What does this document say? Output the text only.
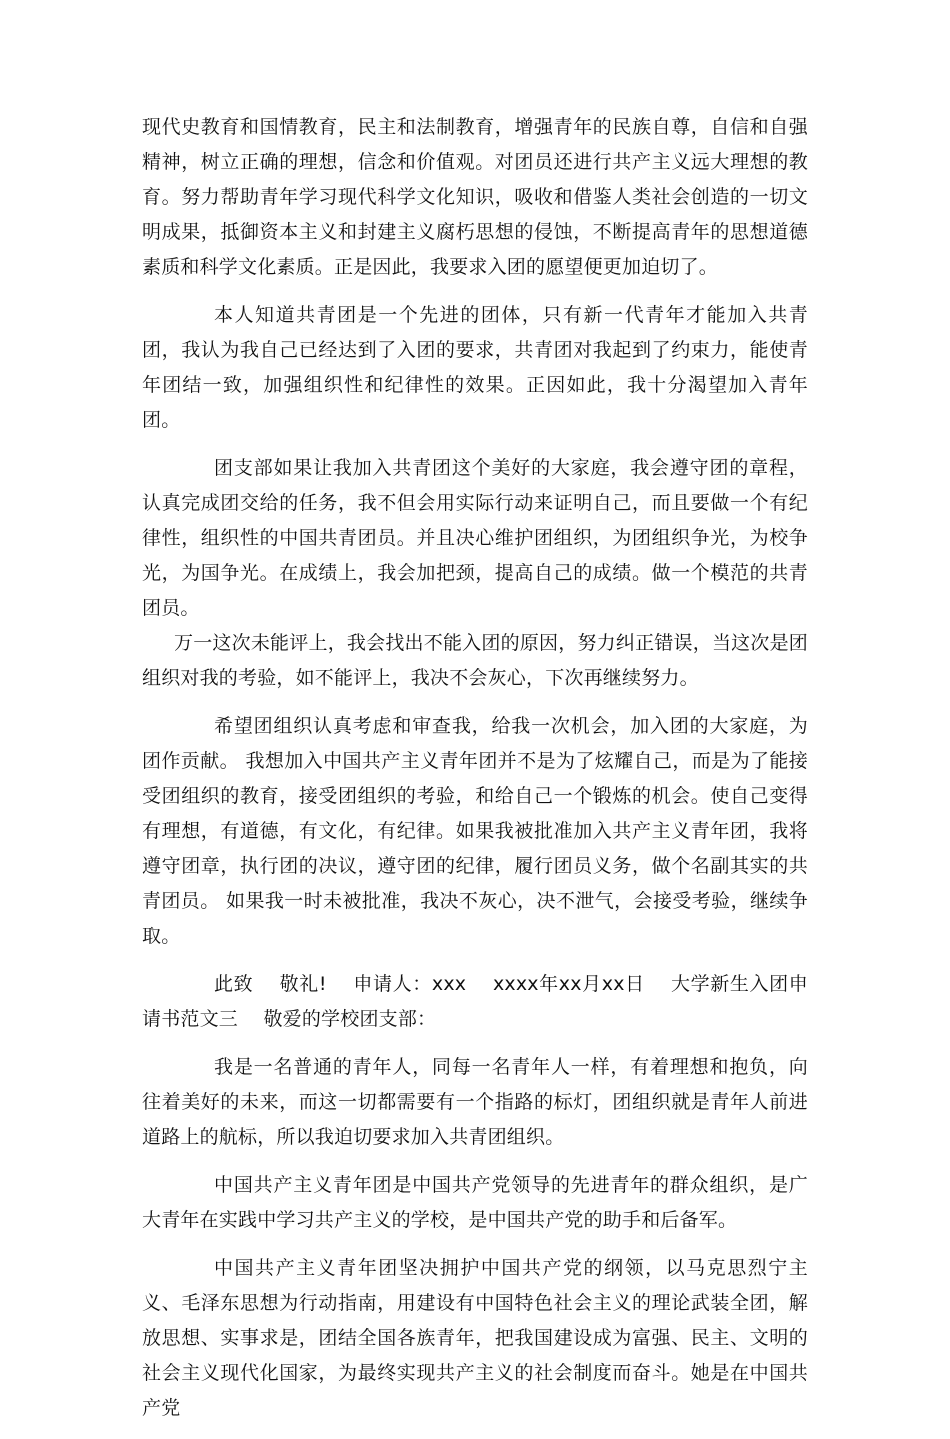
现代史教育和国情教育，民主和法制教育，增强青年的民族自尊，自信和自强精神，树立正确的理想，信念和价值观。对团员还进行共产主义远大理想的教育。努力帮助青年学习现代科学文化知识，吸收和借鉴人类社会创造的一切文明成果，抵御资本主义和封建主义腐朽思想的侵蚀，不断提高青年的思想道德素质和科学文化素质。正是因此，我要求入团的愿望便更加迫切了。

本人知道共青团是一个先进的团体，只有新一代青年才能加入共青团，我认为我自己已经达到了入团的要求，共青团对我起到了约束力，能使青年团结一致，加强组织性和纪律性的效果。正因如此，我十分渴望加入青年团。

团支部如果让我加入共青团这个美好的大家庭，我会遵守团的章程，认真完成团交给的任务，我不但会用实际行动来证明自己，而且要做一个有纪律性，组织性的中国共青团员。并且决心维护团组织，为团组织争光，为校争光，为国争光。在成绩上，我会加把颈，提高自己的成绩。做一个模范的共青团员。

万一这次未能评上，我会找出不能入团的原因，努力纠正错误，当这次是团组织对我的考验，如不能评上，我决不会灰心，下次再继续努力。

希望团组织认真考虑和审查我，给我一次机会，加入团的大家庭，为团作贡献。 我想加入中国共产主义青年团并不是为了炫耀自己，而是为了能接受团组织的教育，接受团组织的考验，和给自己一个锻炼的机会。使自己变得有理想，有道德，有文化，有纪律。如果我被批准加入共产主义青年团，我将遵守团章，执行团的决议，遵守团的纪律，履行团员义务，做个名副其实的共青团员。 如果我一时未被批准，我决不灰心，决不泄气，会接受考验，继续争取。

此致　 敬礼!　 申请人：xxx　 xxxx年xx月xx日　 大学新生入团申请书范文三　 敬爱的学校团支部：

我是一名普通的青年人，同每一名青年人一样，有着理想和抱负，向往着美好的未来，而这一切都需要有一个指路的标灯，团组织就是青年人前进道路上的航标，所以我迫切要求加入共青团组织。

中国共产主义青年团是中国共产党领导的先进青年的群众组织，是广大青年在实践中学习共产主义的学校，是中国共产党的助手和后备军。

中国共产主义青年团坚决拥护中国共产党的纲领，以马克思烈宁主义、毛泽东思想为行动指南，用建设有中国特色社会主义的理论武装全团，解放思想、实事求是，团结全国各族青年，把我国建设成为富强、民主、文明的社会主义现代化国家，为最终实现共产主义的社会制度而奋斗。她是在中国共产党
